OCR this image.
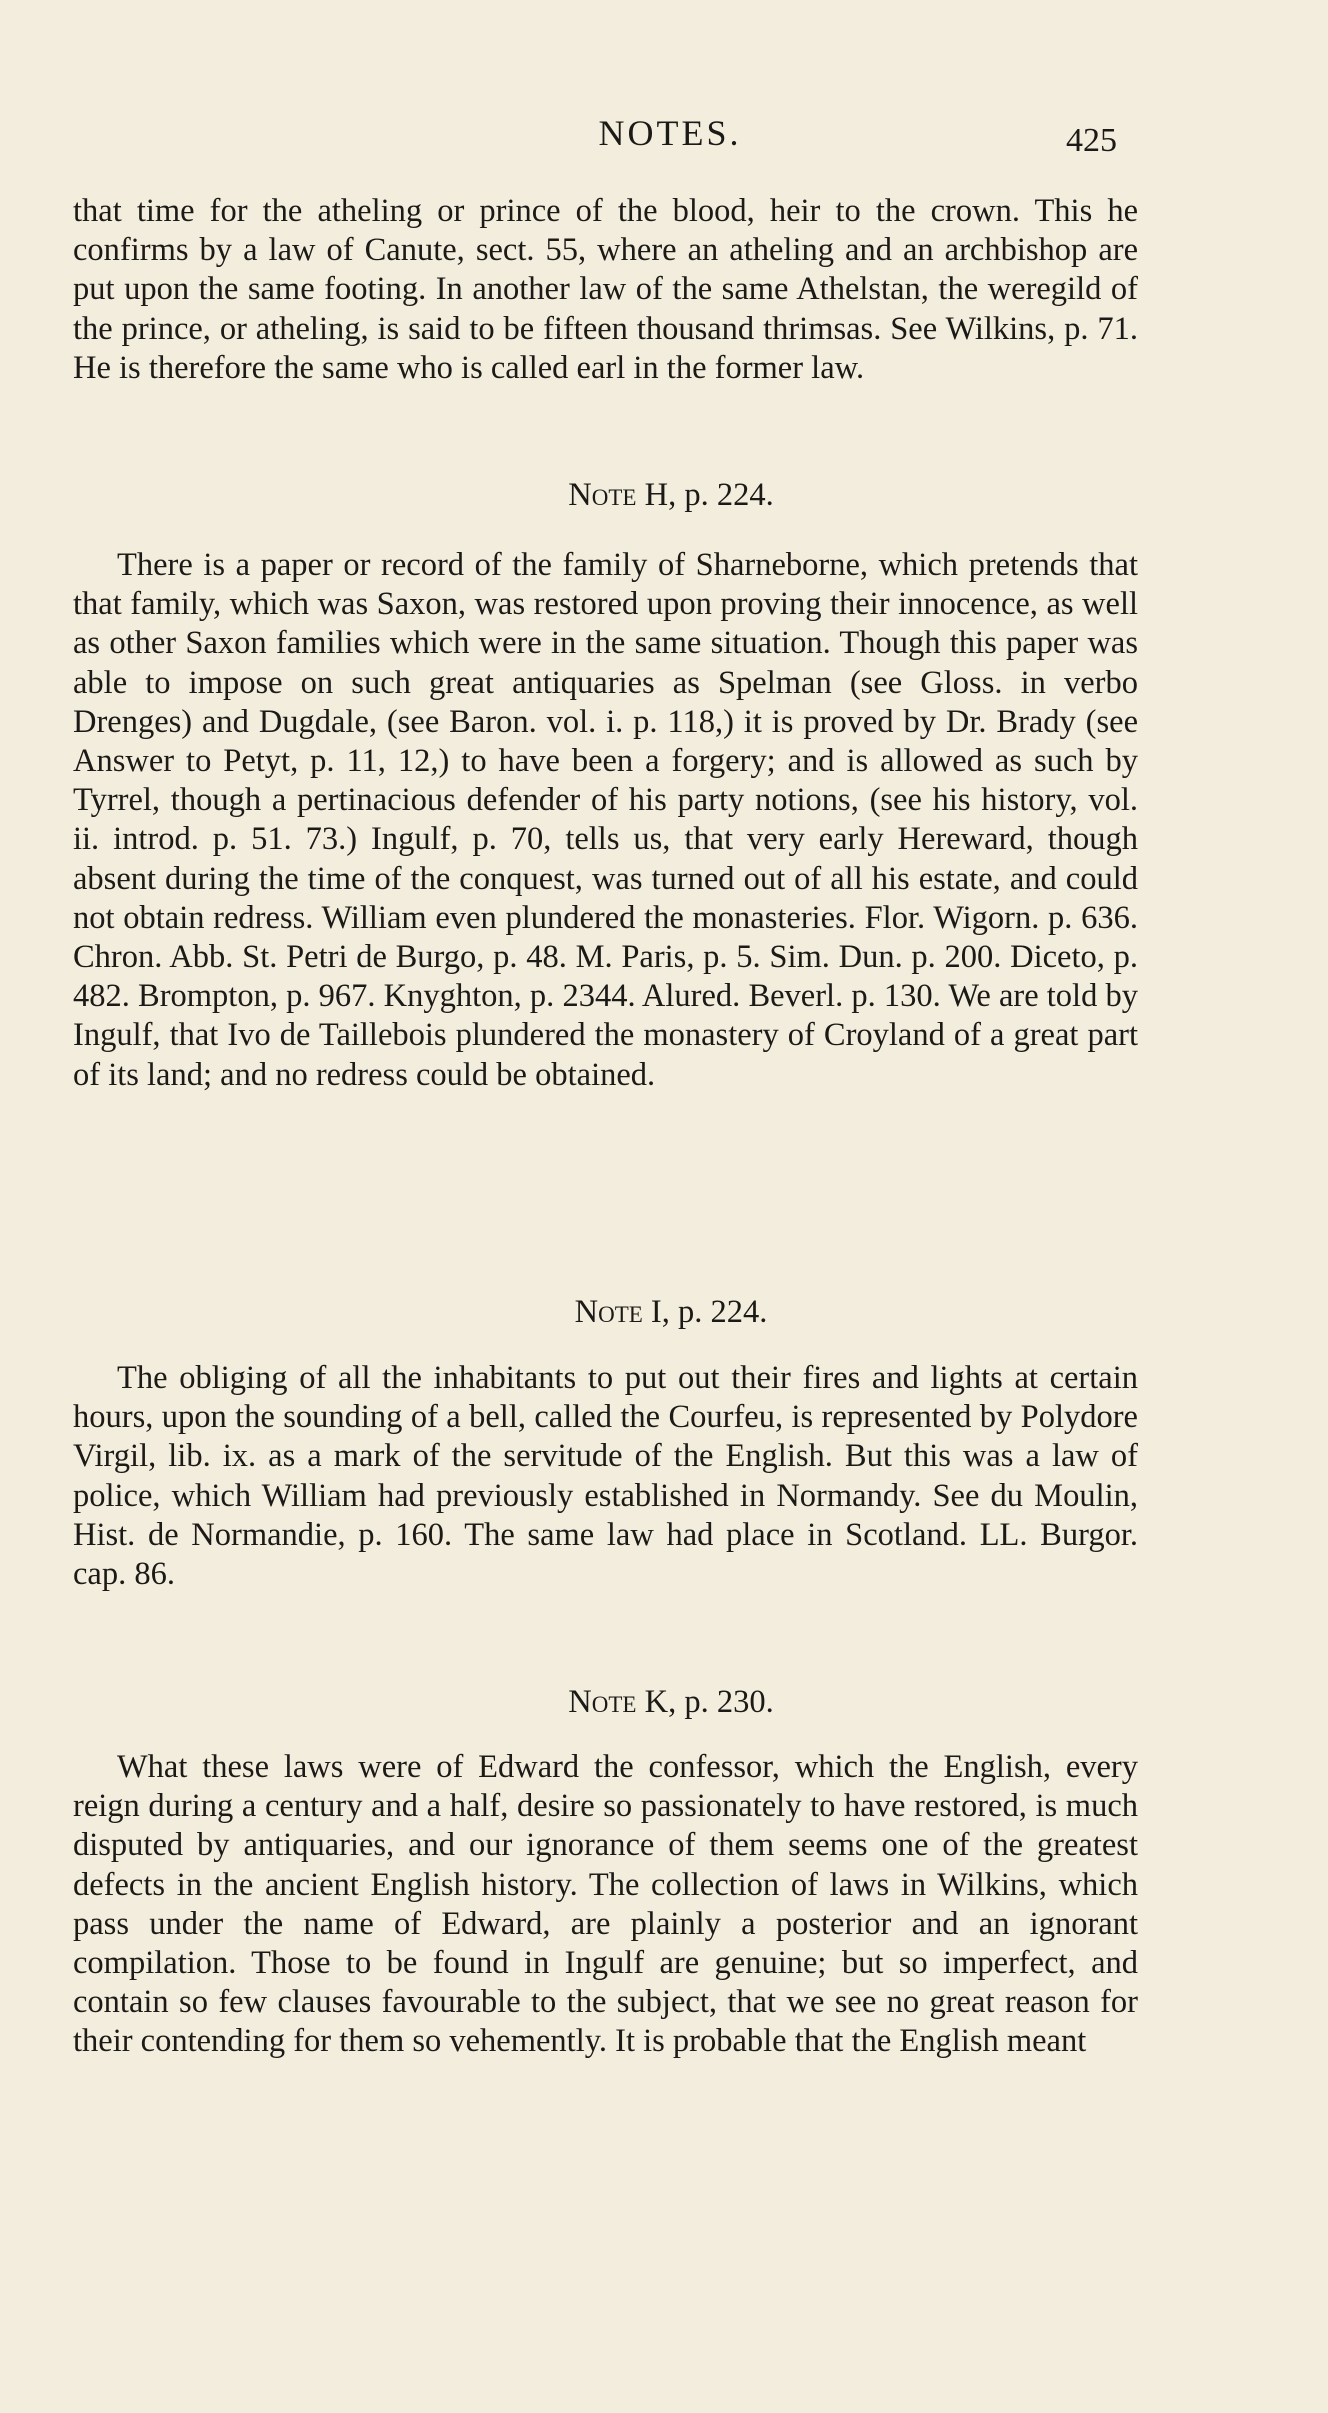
NOTES.	425

that time for the atheling or prince of the blood, heir to the crown. This he confirms by a law of Canute, sect. 55, where an atheling and an archbishop are put upon the same footing. In another law of the same Athelstan, the weregild of the prince, or atheling, is said to be fifteen thousand thrimsas. See Wilkins, p. 71. He is therefore the same who is called earl in the former law.

Note H, p. 224.

There is a paper or record of the family of Sharneborne, which pretends that that family, which was Saxon, was restored upon proving their innocence, as well as other Saxon families which were in the same situation. Though this paper was able to impose on such great antiquaries as Spelman (see Gloss. in verbo Drenges) and Dugdale, (see Baron. vol. i. p. 118,) it is proved by Dr. Brady (see Answer to Petyt, p. 11, 12,) to have been a forgery; and is allowed as such by Tyrrel, though a pertinacious defender of his party notions, (see his history, vol. ii. introd. p. 51. 73.) Ingulf, p. 70, tells us, that very early Hereward, though absent during the time of the conquest, was turned out of all his estate, and could not obtain redress. William even plundered the monasteries. Flor. Wigorn. p. 636. Chron. Abb. St. Petri de Burgo, p. 48. M. Paris, p. 5. Sim. Dun. p. 200. Diceto, p. 482. Brompton, p. 967. Knyghton, p. 2344. Alured. Beverl. p. 130. We are told by Ingulf, that Ivo de Taillebois plundered the monastery of Croyland of a great part of its land; and no redress could be obtained.

Note I, p. 224.

The obliging of all the inhabitants to put out their fires and lights at certain hours, upon the sounding of a bell, called the Courfeu, is represented by Polydore Virgil, lib. ix. as a mark of the servitude of the English. But this was a law of police, which William had previously established in Normandy. See du Moulin, Hist. de Normandie, p. 160. The same law had place in Scotland. LL. Burgor. cap. 86.

Note K, p. 230.

What these laws were of Edward the confessor, which the English, every reign during a century and a half, desire so passionately to have restored, is much disputed by antiquaries, and our ignorance of them seems one of the greatest defects in the ancient English history. The collection of laws in Wilkins, which pass under the name of Edward, are plainly a posterior and an ignorant compilation. Those to be found in Ingulf are genuine; but so imperfect, and contain so few clauses favourable to the subject, that we see no great reason for their contending for them so vehemently. It is probable that the English meant
